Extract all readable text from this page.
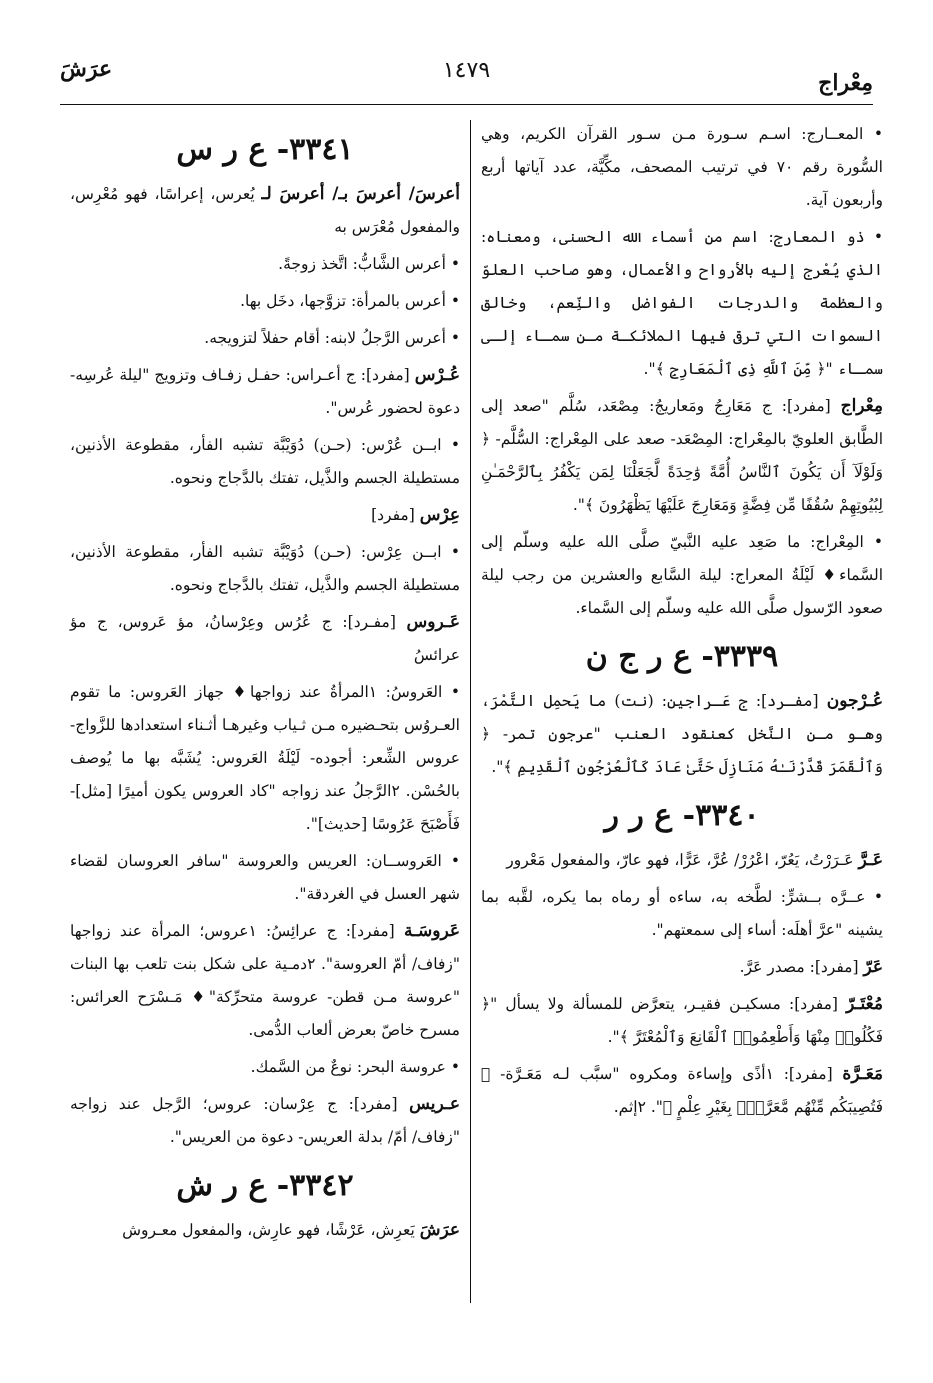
مِعْراج
١٤٧٩
عرَشَ

• المعــارج: اسـم سـورة مـن سـور القرآن الكريم، وهي السُّورة رقم ٧٠ في ترتيب المصحف، مكِّيَّة، عدد آياتها أربع وأربعون آية.

• ذو المعارج: اسم من أسماء الله الحسنى، ومعناه: الذي يُعْرج إليه بالأرواح والأعمال، وهو صاحب العلوّ والعظمة والدرجات الفواضل والنِّعم، وخالق السموات التي ترقى فيها الملائكـة مـن سمـاء إلـى سمـاء "﴿ مِّنَ ٱللَّهِ ذِى ٱلْمَعَارِجِ ﴾".

مِعْراج [مفرد]: ج مَعَارِجُ ومَعاريجُ: مِصْعَد، سُلَّم "صعد إلى الطَّابق العلويّ بالمِعْراج: المِصْعَد- صعد على المِعْراج: السُّلَّم- ﴿ وَلَوْلَآ أَن يَكُونَ ٱلنَّاسُ أُمَّةً وَٰحِدَةً لَّجَعَلْنَا لِمَن يَكْفُرُ بِٱلرَّحْمَـٰنِ لِبُيُوتِهِمْ سُقُفًا مِّن فِضَّةٍ وَمَعَارِجَ عَلَيْهَا يَظْهَرُونَ ﴾".

• المِعْراج: ما صَعِد عليه النَّبيّ صلَّى الله عليه وسلّم إلى السَّماء♦ لَيْلَةُ المعراج: ليلة السَّابع والعشرين من رجب ليلة صعود الرّسول صلَّى الله عليه وسلّم إلى السَّماء.

٣٣٣٩- ع ر ج ن

عُـرْجون [مفـرد]: ج عَـراجين: (نت) ما يَحمِل التَّمْرَ، وهـو مـن النَّخل كعنقود العنب "عرجون تمر- ﴿ وَٱلْقَمَرَ قَدَّرْنَـٰهُ مَنَازِلَ حَتَّىٰ عَادَ كَٱلْعُرْجُونِ ٱلْقَدِيمِ ﴾".

٣٣٤٠- ع ر ر

عَـرَّ عَـرَرْتُ، يَعُرّ، اعْرُرْ/ عُرَّ، عَرًّا، فهو عارّ، والمفعول مَعْرور

• عــرَّه بــشرٍّ: لطَّخه به، ساءه أو رماه بما يكره، لقَّبه بما يشينه "عرَّ أهلَه: أساء إلى سمعتهم".

عَرّ [مفرد]: مصدر عَرَّ.

مُعْتَـرّ [مفرد]: مسكيـن فقيـر، يتعرَّض للمسألة ولا يسأل "﴿ فَكُلُوا۟ مِنْهَا وَأَطْعِمُوا۟ ٱلْقَانِعَ وَٱلْمُعْتَرَّ ﴾".

مَعَـرَّة [مفرد]: ١أذًى وإساءة ومكروه "سبَّب لـه مَعَـرَّة- ﴿ فَتُصِيبَكُم مِّنْهُم مَّعَرَّةٌۢ بِغَيْرِ عِلْمٍ ﴾". ٢إثم.

٣٣٤١- ع ر س

أعرسَ/ أعرسَ بـ/ أعرسَ لـ يُعرس، إعراسًا، فهو مُعْرِس، والمفعول مُعْرَس به

• أعرس الشَّابُّ: اتَّخذ زوجةً.

• أعرس بالمرأة: تزوَّجها، دخَل بها.

• أعرس الرَّجلُ لابنه: أقام حفلاً لتزويجه.

عُـرْس [مفرد]: ج أعـراس: حفـل زفـاف وتزويج "ليلة عُرسِه- دعوة لحضور عُرس".

• ابــن عُرْس: (حـن) دُوَيْبَّة تشبه الفأر، مقطوعة الأذنين، مستطيلة الجسم والذَّيل، تفتك بالدَّجاج ونحوه.

عِرْس [مفرد]

• ابــن عِرْس: (حـن) دُوَيْبَّة تشبه الفأر، مقطوعة الأذنين، مستطيلة الجسم والذَّيل، تفتك بالدَّجاج ونحوه.

عَـروس [مفـرد]: ج عُرُس وعِرْسانُ، مؤ عَروس، ج مؤ عرائسُ

• العَروسُ: ١المرأةُ عند زواجها♦ جهاز العَروس: ما تقوم العـروُس بتحـضيره مـن ثـياب وغيرهـا أثـناء استعدادها للزَّواج- عروس الشِّعر: أجوده- لَيْلَةُ العَروس: يُشَبَّه بها ما يُوصف بالحُسْن. ٢الرَّجلُ عند زواجه "كاد العروس يكون أميرًا [مثل]- فَأَصْبَحَ عَرُوسًا [حديث]".

• العَروســان: العريس والعروسة "سافر العروسان لقضاء شهر العسل في الغردقة".

عَروسَـة [مفرد]: ج عرائِسُ: ١عروس؛ المرأة عند زواجها "زفاف/ أمّ العروسة". ٢دمـية على شكل بنت تلعب بها البنات "عروسة مـن قطن- عروسة متحرِّكة"♦ مَـسْرَح العرائس: مسرح خاصّ بعرض ألعاب الدُّمى.

• عروسة البحر: نوعٌ من السَّمك.

عـريس [مفرد]: ج عِرْسان: عروس؛ الرَّجل عند زواجه "زفاف/ أمّ/ بدلة العريس- دعوة من العريس".

٣٣٤٢- ع ر ش

عرَشَ يَعرِش، عَرْشًا، فهو عارِش، والمفعول معـروش
